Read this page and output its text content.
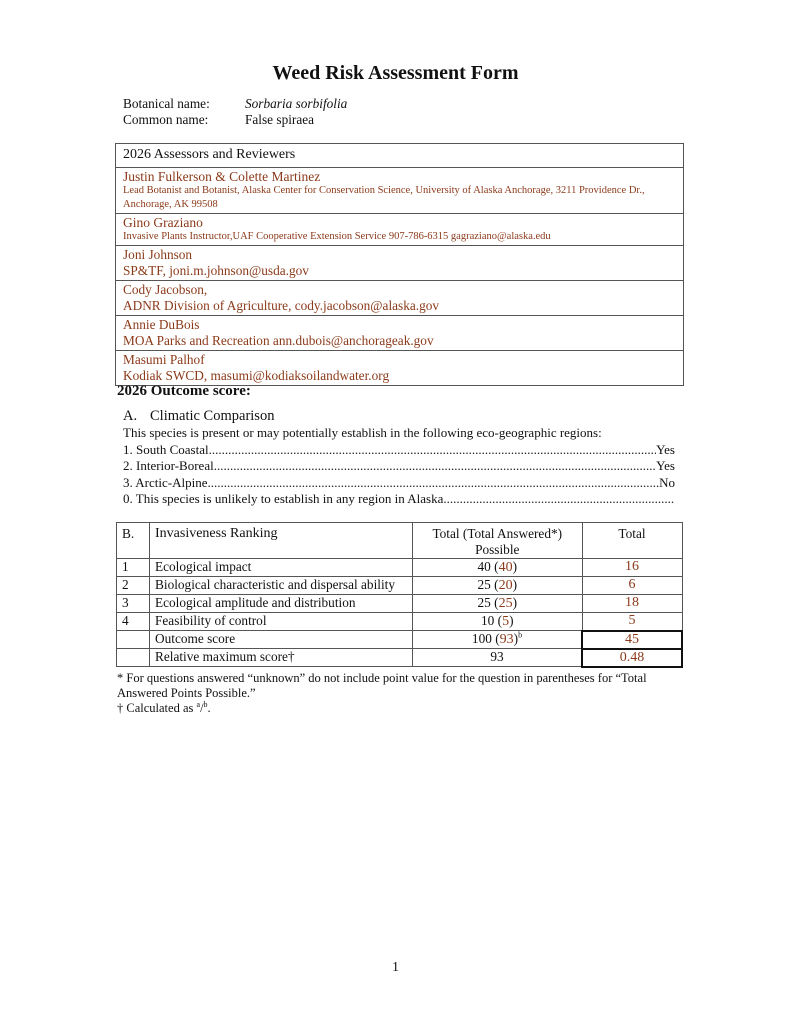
Weed Risk Assessment Form
Botanical name:	Sorbaria sorbifolia
Common name:	False spiraea
2026 Assessors and Reviewers
Justin Fulkerson & Colette Martinez
Lead Botanist and Botanist, Alaska Center for Conservation Science, University of Alaska Anchorage, 3211 Providence Dr., Anchorage, AK 99508
Gino Graziano
Invasive Plants Instructor,UAF Cooperative Extension Service 907-786-6315 gagraziano@alaska.edu
Joni Johnson
SP&TF, joni.m.johnson@usda.gov
Cody Jacobson,
ADNR Division of Agriculture, cody.jacobson@alaska.gov
Annie DuBois
MOA Parks and Recreation ann.dubois@anchorageak.gov
Masumi Palhof
Kodiak SWCD, masumi@kodiaksoilandwater.org
2026 Outcome score:
A. Climatic Comparison
This species is present or may potentially establish in the following eco-geographic regions:
1. South Coastal .....	Yes
2. Interior-Boreal .....	Yes
3. Arctic-Alpine .....	No
0. This species is unlikely to establish in any region in Alaska
.....
B.	Invasiveness Ranking	Total (Total Answered*) Possible	Total
1	Ecological impact	40 (40)	16
2	Biological characteristic and dispersal ability	25 (20)	6
3	Ecological amplitude and distribution	25 (25)	18
4	Feasibility of control	10 (5)	5
	Outcome score	100 $(93)^b$	45
	Relative maximum score†	93	0.48
* For questions answered “unknown” do not include point value for the question in parentheses for “Total Answered Points Possible.”
† Calculated as $^a$/$^b$.
1
